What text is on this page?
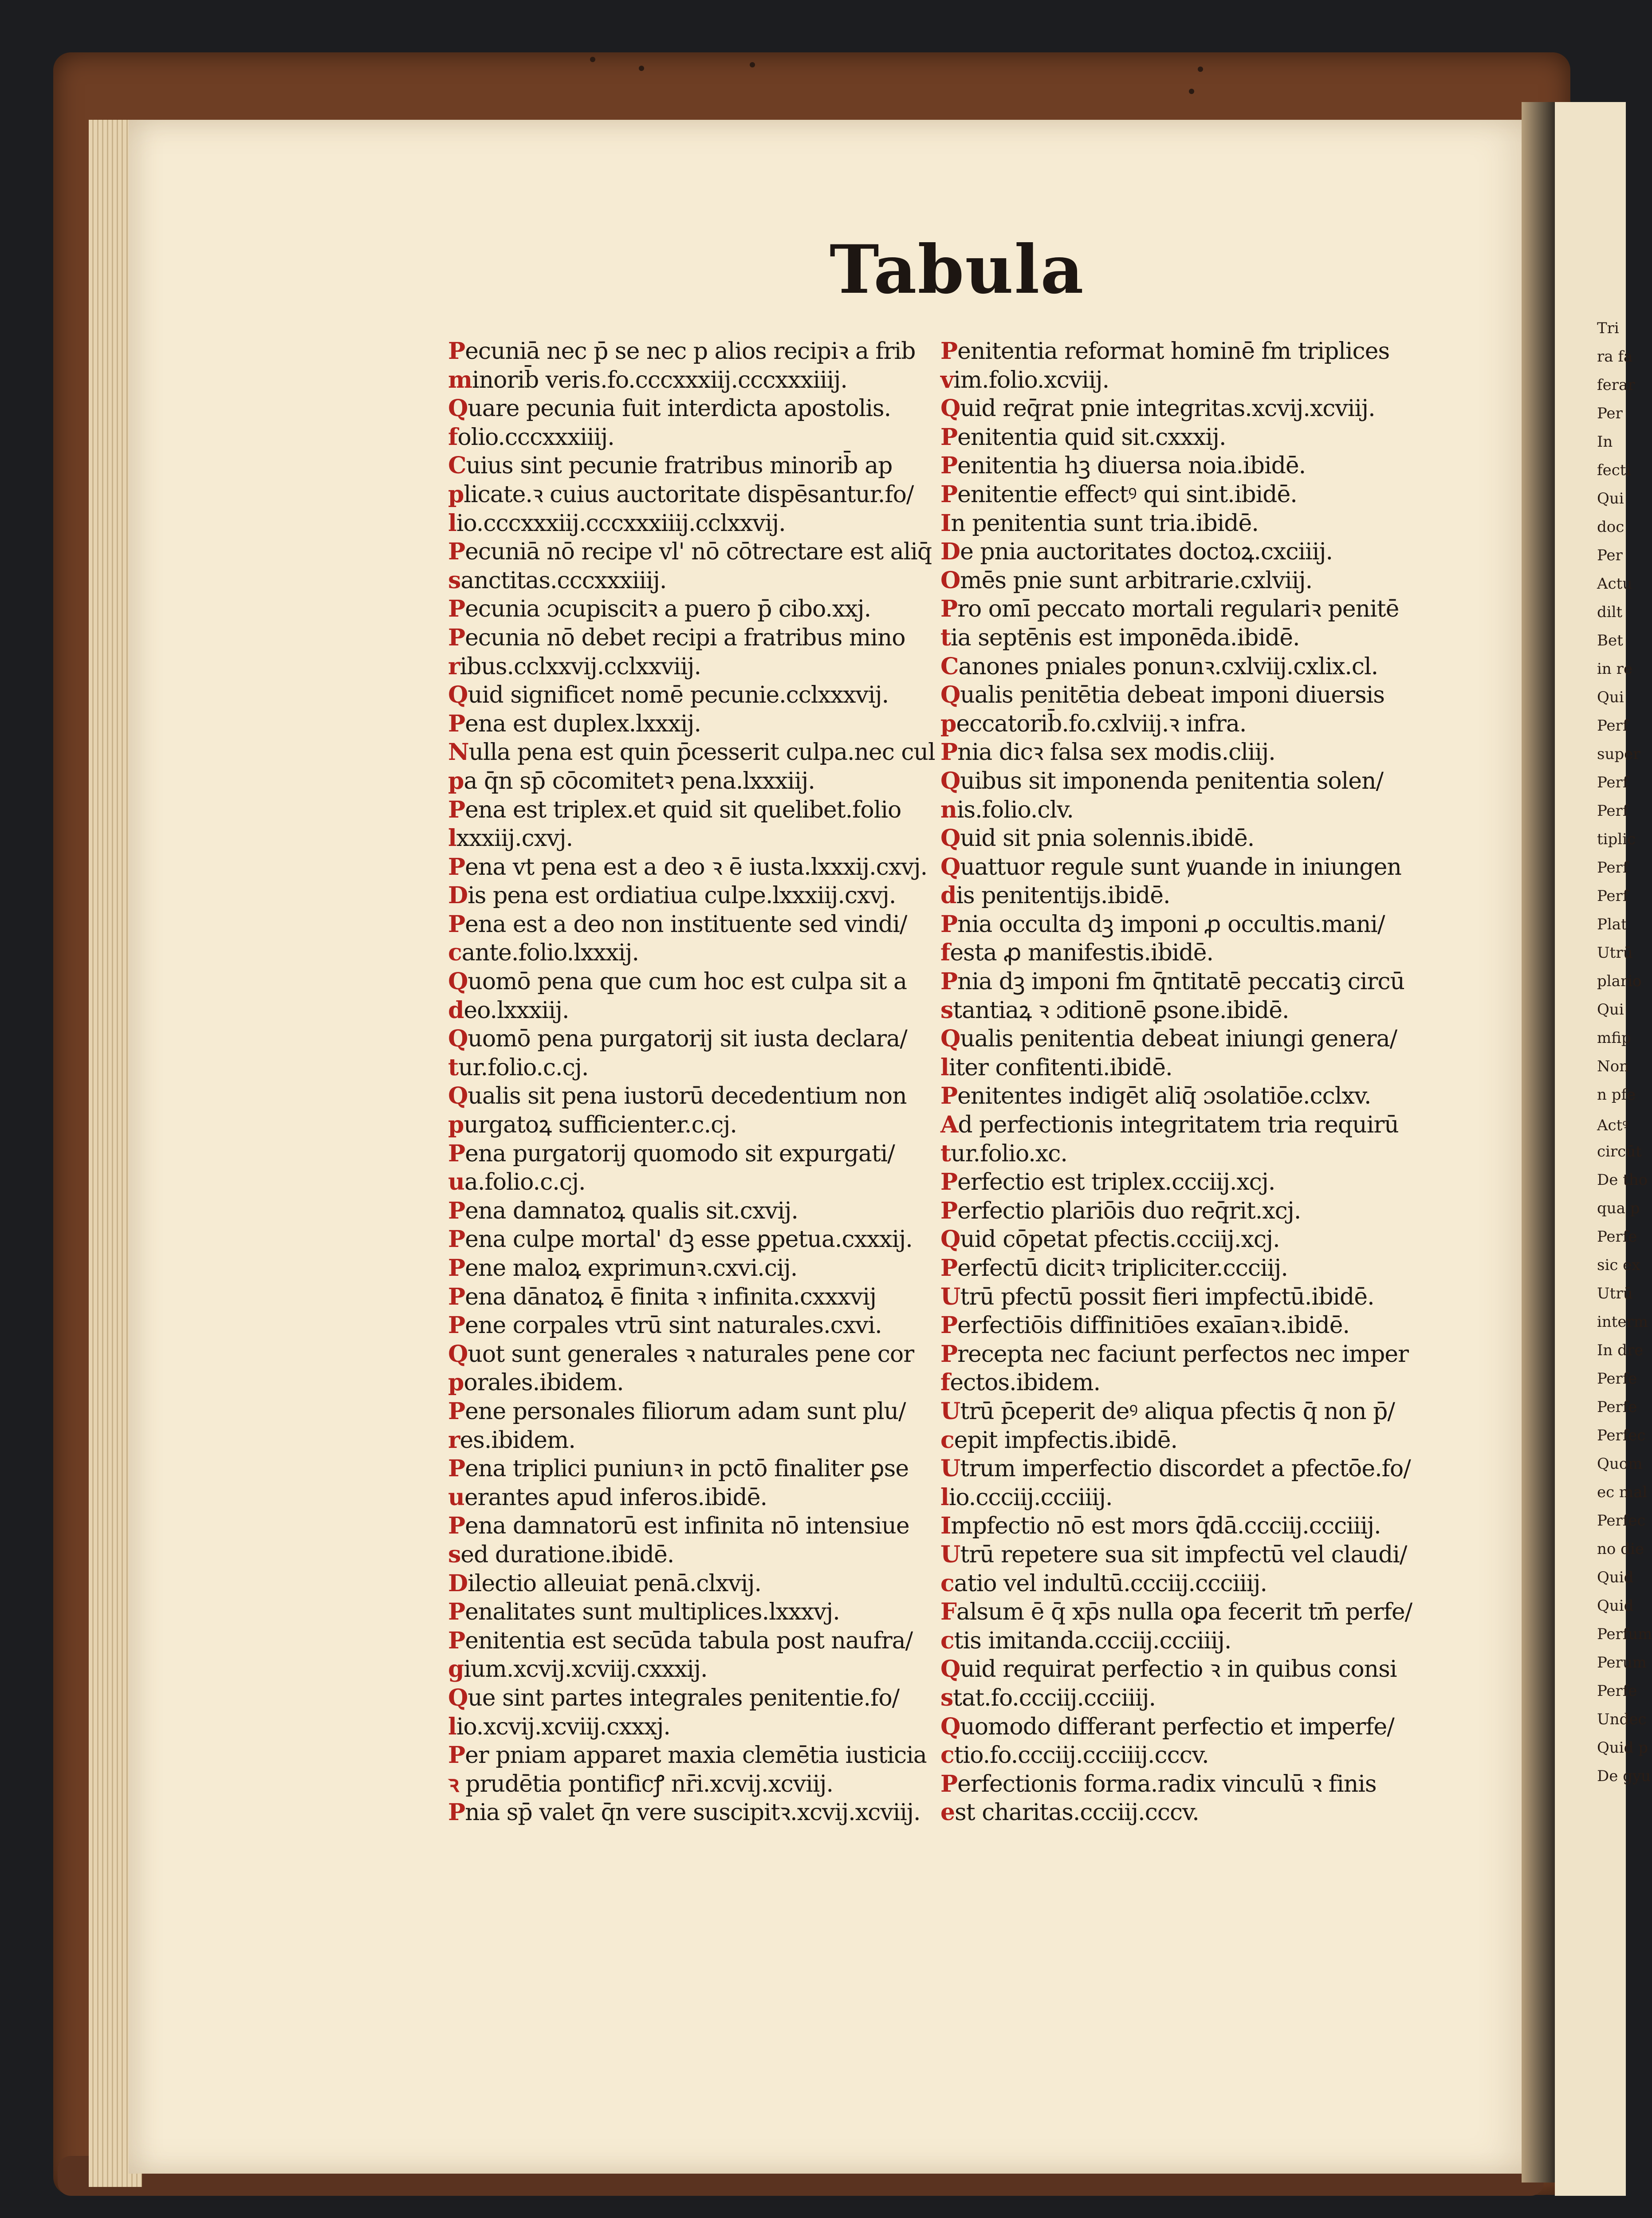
Tri
ra fa
ferar
Per
In
fecti
Qui
doc
Per
Actu
dilt
Bet
in re
Qui
Perf
super
Perf
Perf
tiplic
Perf
Perf
Plat
Utrū
plario
Qui
mfip
Non
n pfe
Actꝰ
circūt
De tho
qua p
Perfe
sic ex
Utrū
interm
In dre
Perfe
Perfe
Perfec
Quom
ec mal
Perfec
no die
Quid
Quid
Perfum
Perum
Perfe
Undec
Quid p
De gyu
Tabula
Pecuniā nec p̄ se nec p alios recipiꝛ a frib
minorib̄ veris.fo.cccxxxiij.cccxxxiiij.
Quare pecunia fuit interdicta apostolis.
folio.cccxxxiiij.
Cuius sint pecunie fratribus minorib̄ ap
plicate.ꝛ cuius auctoritate dispēsantur.fo/
lio.cccxxxiij.cccxxxiiij.cclxxvij.
Pecuniā nō recipe vl' nō cōtrectare est aliq̄
sanctitas.cccxxxiiij.
Pecunia ɔcupiscitꝛ a puero p̄ cibo.xxj.
Pecunia nō debet recipi a fratribus mino
ribus.cclxxvij.cclxxviij.
Quid significet nomē pecunie.cclxxxvij.
Pena est duplex.lxxxij.
Nulla pena est quin p̄cesserit culpa.nec cul
pa q̄n sp̄ cōcomitetꝛ pena.lxxxiij.
Pena est triplex.et quid sit quelibet.folio
lxxxiij.cxvj.
Pena vt pena est a deo ꝛ ē iusta.lxxxij.cxvj.
Dis pena est ordiatiua culpe.lxxxiij.cxvj.
Pena est a deo non instituente sed vindi/
cante.folio.lxxxij.
Quomō pena que cum hoc est culpa sit a
deo.lxxxiij.
Quomō pena purgatorij sit iusta declara/
tur.folio.c.cj.
Qualis sit pena iustorū decedentium non
purgatoꝝ sufficienter.c.cj.
Pena purgatorij quomodo sit expurgati/
ua.folio.c.cj.
Pena damnatoꝝ qualis sit.cxvij.
Pena culpe mortal' dꝫ esse ꝑpetua.cxxxij.
Pene maloꝝ exprimunꝛ.cxvi.cij.
Pena dānatoꝝ ē finita ꝛ infinita.cxxxvij
Pene corpales vtrū sint naturales.cxvi.
Quot sunt generales ꝛ naturales pene cor
porales.ibidem.
Pene personales filiorum adam sunt plu/
res.ibidem.
Pena triplici puniunꝛ in pctō finaliter ꝑse
uerantes apud inferos.ibidē.
Pena damnatorū est infinita nō intensiue
sed duratione.ibidē.
Dilectio alleuiat penā.clxvij.
Penalitates sunt multiplices.lxxxvj.
Penitentia est secūda tabula post naufra/
gium.xcvij.xcviij.cxxxij.
Que sint partes integrales penitentie.fo/
lio.xcvij.xcviij.cxxxj.
Per pniam apparet maxia clemētia iusticia
ꝛ prudētia pontificꝭ nr̄i.xcvij.xcviij.
Pnia sp̄ valet q̄n vere suscipitꝛ.xcvij.xcviij.
Penitentia reformat hominē fm triplices
vim.folio.xcviij.
Quid req̄rat pnie integritas.xcvij.xcviij.
Penitentia quid sit.cxxxij.
Penitentia hꝫ diuersa noia.ibidē.
Penitentie effectꝰ qui sint.ibidē.
In penitentia sunt tria.ibidē.
De pnia auctoritates doctoꝝ.cxciiij.
Omēs pnie sunt arbitrarie.cxlviij.
Pro omī peccato mortali regulariꝛ penitē
tia septēnis est imponēda.ibidē.
Canones pniales ponunꝛ.cxlviij.cxlix.cl.
Qualis penitētia debeat imponi diuersis
peccatorib̄.fo.cxlviij.ꝛ infra.
Pnia dicꝛ falsa sex modis.cliij.
Quibus sit imponenda penitentia solen/
nis.folio.clv.
Quid sit pnia solennis.ibidē.
Quattuor regule sunt ꝟuande in iniungen
dis penitentijs.ibidē.
Pnia occulta dꝫ imponi ꝓ occultis.mani/
festa ꝓ manifestis.ibidē.
Pnia dꝫ imponi fm q̄ntitatē peccatiꝫ circū
stantiaꝝ ꝛ ɔditionē ꝑsone.ibidē.
Qualis penitentia debeat iniungi genera/
liter confitenti.ibidē.
Penitentes indigēt aliq̄ ɔsolatiōe.cclxv.
Ad perfectionis integritatem tria requirū
tur.folio.xc.
Perfectio est triplex.ccciij.xcj.
Perfectio plariōis duo req̄rit.xcj.
Quid cōpetat pfectis.ccciij.xcj.
Perfectū dicitꝛ tripliciter.ccciij.
Utrū pfectū possit fieri impfectū.ibidē.
Perfectiōis diffinitiōes exaīanꝛ.ibidē.
Precepta nec faciunt perfectos nec imper
fectos.ibidem.
Utrū p̄ceperit deꝰ aliqua pfectis q̄ non p̄/
cepit impfectis.ibidē.
Utrum imperfectio discordet a pfectōe.fo/
lio.ccciij.ccciiij.
Impfectio nō est mors q̄dā.ccciij.ccciiij.
Utrū repetere sua sit impfectū vel claudi/
catio vel indultū.ccciij.ccciiij.
Falsum ē q̄ xp̄s nulla oꝑa fecerit tm̄ perfe/
ctis imitanda.ccciij.ccciiij.
Quid requirat perfectio ꝛ in quibus consi
stat.fo.ccciij.ccciiij.
Quomodo differant perfectio et imperfe/
ctio.fo.ccciij.ccciiij.cccv.
Perfectionis forma.radix vinculū ꝛ finis
est charitas.ccciij.cccv.
